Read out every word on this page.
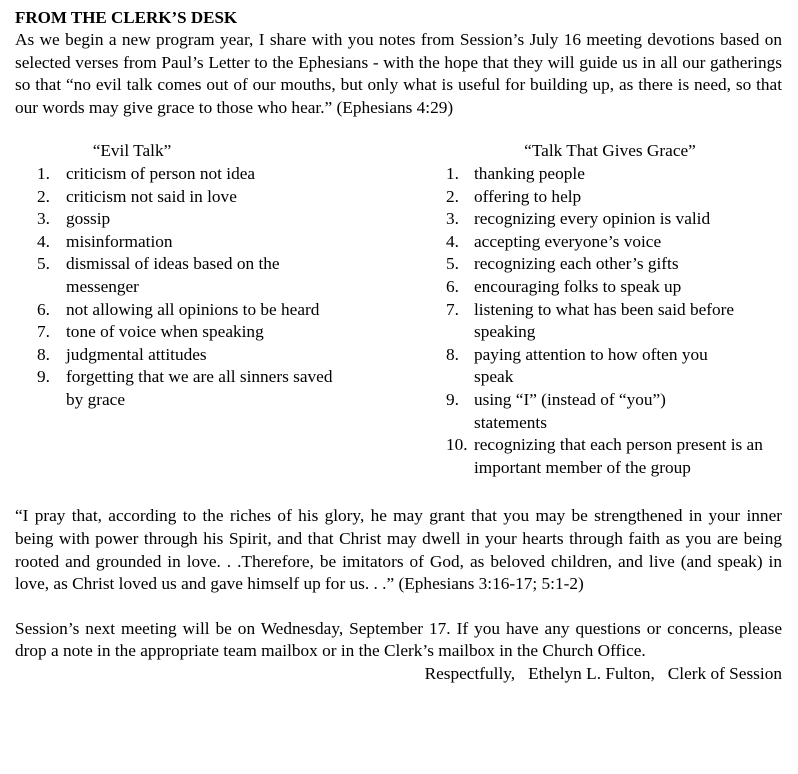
FROM THE CLERK’S DESK

As we begin a new program year, I share with you notes from Session’s July 16 meeting devotions based on selected verses from Paul’s Letter to the Ephesians - with the hope that they will guide us in all our gatherings so that “no evil talk comes out of our mouths, but only what is useful for building up, as there is need, so that our words may give grace to those who hear.” (Ephesians 4:29)

“Evil Talk”

1. criticism of person not idea
2. criticism not said in love
3. gossip
4. misinformation
5. dismissal of ideas based on the messenger
6. not allowing all opinions to be heard
7. tone of voice when speaking
8. judgmental attitudes
9. forgetting that we are all sinners saved by grace

“Talk That Gives Grace”

1. thanking people
2. offering to help
3. recognizing every opinion is valid
4. accepting everyone’s voice
5. recognizing each other’s gifts
6. encouraging folks to speak up
7. listening to what has been said before speaking
8. paying attention to how often you speak
9. using “I” (instead of “you”) statements
10. recognizing that each person present is an important member of the group

“I pray that, according to the riches of his glory, he may grant that you may be strengthened in your inner being with power through his Spirit, and that Christ may dwell in your hearts through faith as you are being rooted and grounded in love. . .Therefore, be imitators of God, as beloved children, and live (and speak) in love, as Christ loved us and gave himself up for us. . .” (Ephesians 3:16-17; 5:1-2)

Session’s next meeting will be on Wednesday, September 17. If you have any questions or concerns, please drop a note in the appropriate team mailbox or in the Clerk’s mailbox in the Church Office.

Respectfully,   Ethelyn L. Fulton,   Clerk of Session
